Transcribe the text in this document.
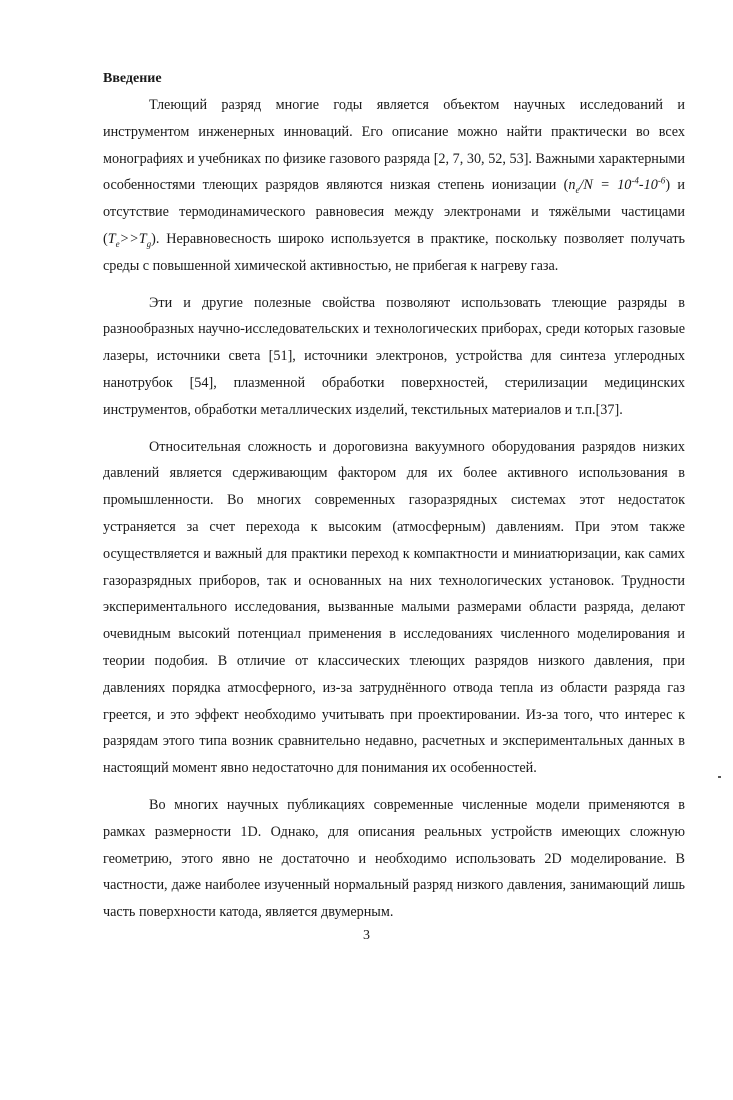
Введение

Тлеющий разряд многие годы является объектом научных исследований и инструментом инженерных инноваций. Его описание можно найти практически во всех монографиях и учебниках по физике газового разряда [2, 7, 30, 52, 53]. Важными характерными особенностями тлеющих разрядов являются низкая степень ионизации $(n_e/N = 10^{-4}-10^{-6})$ и отсутствие термодинамического равновесия между электронами и тяжёлыми частицами $(T_e>>T_g)$. Неравновесность широко используется в практике, поскольку позволяет получать среды с повышенной химической активностью, не прибегая к нагреву газа.

Эти и другие полезные свойства позволяют использовать тлеющие разряды в разнообразных научно-исследовательских и технологических приборах, среди которых газовые лазеры, источники света [51], источники электронов, устройства для синтеза углеродных нанотрубок [54], плазменной обработки поверхностей, стерилизации медицинских инструментов, обработки металлических изделий, текстильных материалов и т.п.[37].

Относительная сложность и дороговизна вакуумного оборудования разрядов низких давлений является сдерживающим фактором для их более активного использования в промышленности. Во многих современных газоразрядных системах этот недостаток устраняется за счет перехода к высоким (атмосферным) давлениям. При этом также осуществляется и важный для практики переход к компактности и миниатюризации, как самих газоразрядных приборов, так и основанных на них технологических установок. Трудности экспериментального исследования, вызванные малыми размерами области разряда, делают очевидным высокий потенциал применения в исследованиях численного моделирования и теории подобия. В отличие от классических тлеющих разрядов низкого давления, при давлениях порядка атмосферного, из-за затруднённого отвода тепла из области разряда газ греется, и это эффект необходимо учитывать при проектировании. Из-за того, что интерес к разрядам этого типа возник сравнительно недавно, расчетных и экспериментальных данных в настоящий момент явно недостаточно для понимания их особенностей.

Во многих научных публикациях современные численные модели применяются в рамках размерности 1D. Однако, для описания реальных устройств имеющих сложную геометрию, этого явно не достаточно и необходимо использовать 2D моделирование. В частности, даже наиболее изученный нормальный разряд низкого давления, занимающий лишь часть поверхности катода, является двумерным.

3
